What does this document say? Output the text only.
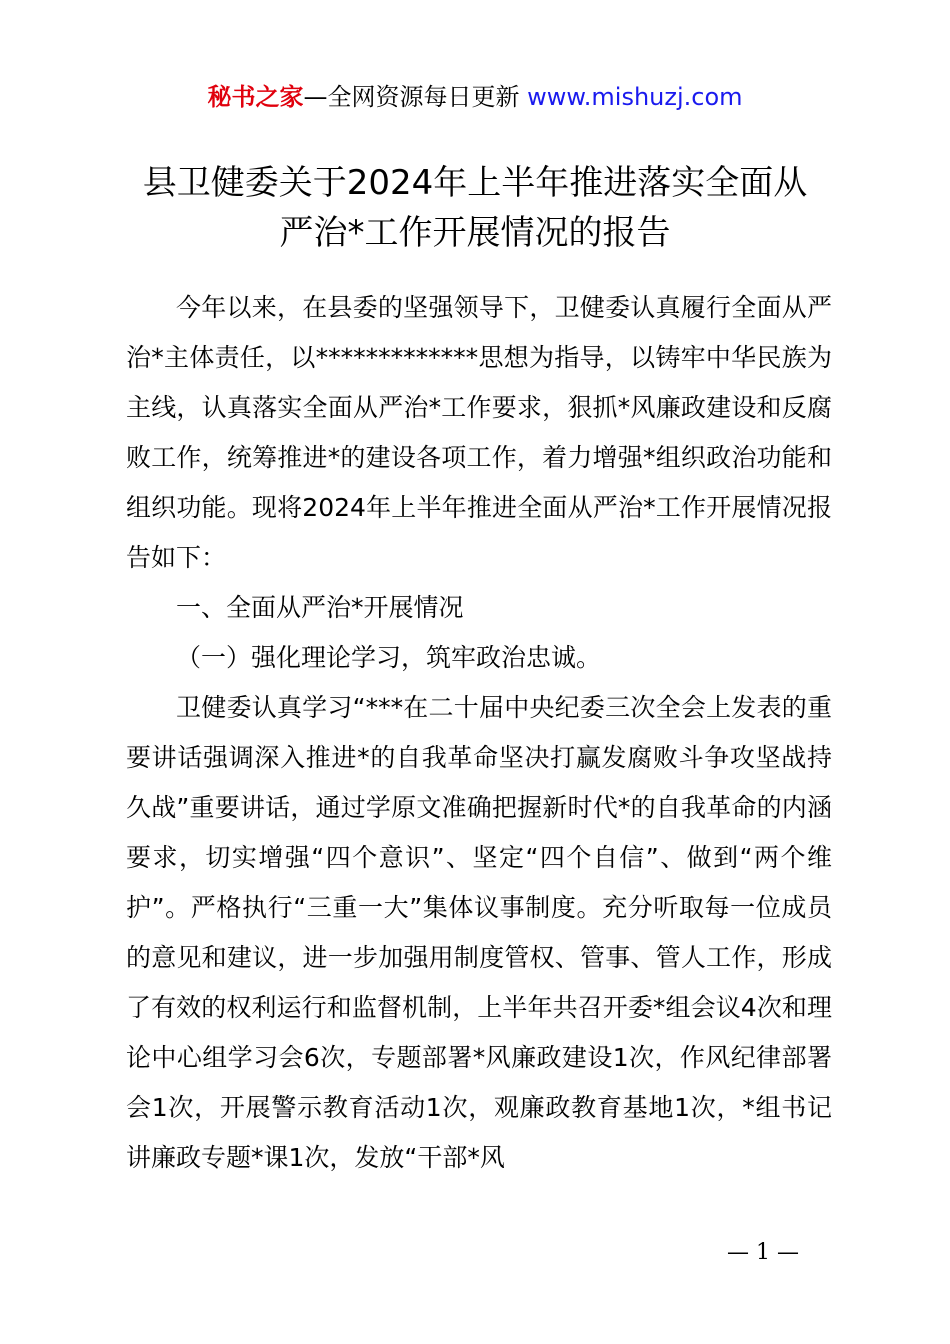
秘书之家—全网资源每日更新 www.mishuzj.com
县卫健委关于2024年上半年推进落实全面从
严治*工作开展情况的报告

今年以来，在县委的坚强领导下，卫健委认真履行全面从严治*主体责任，以*************思想为指导，以铸牢中华民族为主线，认真落实全面从严治*工作要求，狠抓*风廉政建设和反腐败工作，统筹推进*的建设各项工作，着力增强*组织政治功能和组织功能。现将2024年上半年推进全面从严治*工作开展情况报告如下：

一、全面从严治*开展情况

（一）强化理论学习，筑牢政治忠诚。

卫健委认真学习“***在二十届中央纪委三次全会上发表的重要讲话强调深入推进*的自我革命坚决打赢发腐败斗争攻坚战持久战”重要讲话，通过学原文准确把握新时代*的自我革命的内涵要求，切实增强“四个意识”、坚定“四个自信”、做到“两个维护”。严格执行“三重一大”集体议事制度。充分听取每一位成员的意见和建议，进一步加强用制度管权、管事、管人工作，形成了有效的权利运行和监督机制，上半年共召开委*组会议4次和理论中心组学习会6次，专题部署*风廉政建设1次，作风纪律部署会1次，开展警示教育活动1次，观廉政教育基地1次，*组书记讲廉政专题*课1次，发放“干部*风

— 1 —
